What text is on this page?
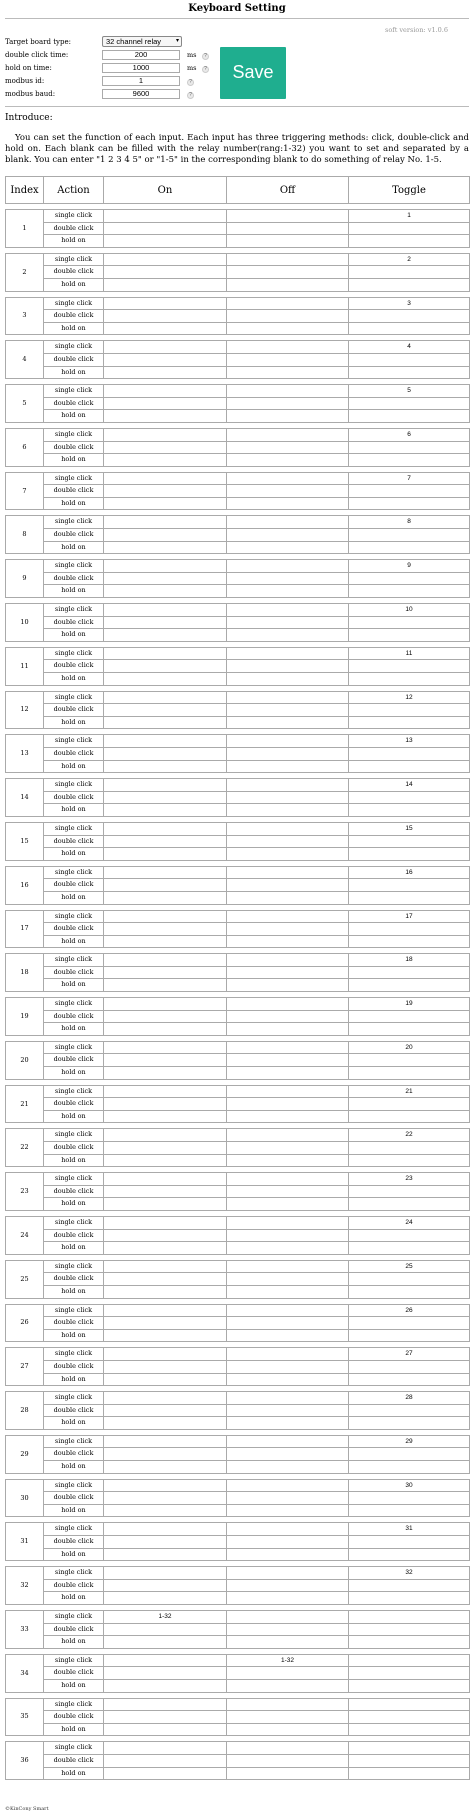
Keyboard Setting
soft version: v1.0.6
Target board type:	32 channel relay ▾
double click time:	200	ms	?
hold on time:	1000	ms	?
modbus id:	1	?
modbus baud:	9600	?
Save
Introduce:
You can set the function of each input. Each input has three triggering methods: click, double-click and hold on. Each blank can be filled with the relay number(rang:1-32) you want to set and separated by a blank. You can enter "1 2 3 4 5" or "1-5" in the corresponding blank to do something of relay No. 1-5.
Index	Action	On	Off	Toggle
1	single click			1
	double click			
	hold on			
2	single click			2
	double click			
	hold on			
3	single click			3
	double click			
	hold on			
4	single click			4
	double click			
	hold on			
5	single click			5
	double click			
	hold on			
6	single click			6
	double click			
	hold on			
7	single click			7
	double click			
	hold on			
8	single click			8
	double click			
	hold on			
9	single click			9
	double click			
	hold on			
10	single click			10
	double click			
	hold on			
11	single click			11
	double click			
	hold on			
12	single click			12
	double click			
	hold on			
13	single click			13
	double click			
	hold on			
14	single click			14
	double click			
	hold on			
15	single click			15
	double click			
	hold on			
16	single click			16
	double click			
	hold on			
17	single click			17
	double click			
	hold on			
18	single click			18
	double click			
	hold on			
19	single click			19
	double click			
	hold on			
20	single click			20
	double click			
	hold on			
21	single click			21
	double click			
	hold on			
22	single click			22
	double click			
	hold on			
23	single click			23
	double click			
	hold on			
24	single click			24
	double click			
	hold on			
25	single click			25
	double click			
	hold on			
26	single click			26
	double click			
	hold on			
27	single click			27
	double click			
	hold on			
28	single click			28
	double click			
	hold on			
29	single click			29
	double click			
	hold on			
30	single click			30
	double click			
	hold on			
31	single click			31
	double click			
	hold on			
32	single click			32
	double click			
	hold on			
33	single click	1-32		
	double click			
	hold on			
34	single click		1-32	
	double click			
	hold on			
35	single click			
	double click			
	hold on			
36	single click			
	double click			
	hold on			
©KinCony Smart
